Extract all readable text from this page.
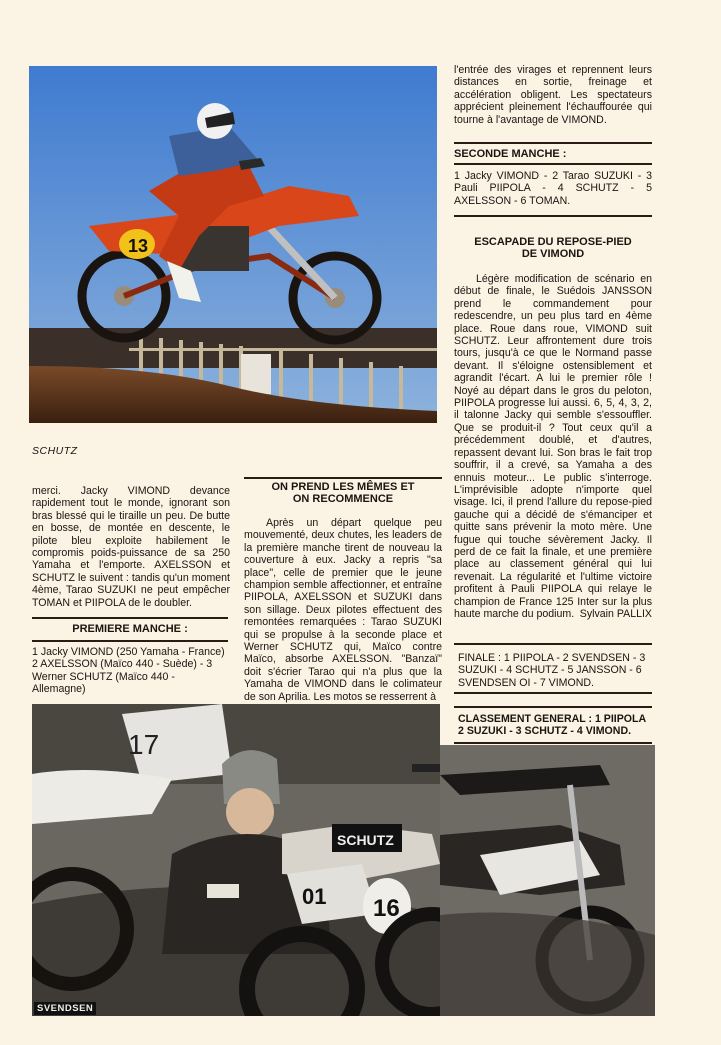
13
SCHUTZ
merci. Jacky VIMOND devance rapidement tout le monde, ignorant son bras blessé qui le tiraille un peu. De butte en bosse, de montée en descente, le pilote bleu exploite habilement le compromis poids-puissance de sa 250 Yamaha et l'emporte. AXELSSON et SCHUTZ le suivent : tandis qu'un moment 4ème, Tarao SUZUKI ne peut empêcher TOMAN et PIIPOLA de le doubler.
PREMIERE MANCHE :
1 Jacky VIMOND (250 Yamaha - France) 2 AXELSSON (Maïco 440 - Suède) - 3 Werner SCHUTZ (Maïco 440 - Allemagne)
ON PREND LES MÊMES ET
ON RECOMMENCE
Après un départ quelque peu mouvementé, deux chutes, les leaders de la première manche tirent de nouveau la couverture à eux. Jacky a repris "sa place", celle de premier que le jeune champion semble affectionner, et entraîne PIIPOLA, AXELSSON et SUZUKI dans son sillage. Deux pilotes effectuent des remontées remarquées : Tarao SUZUKI qui se propulse à la seconde place et Werner SCHUTZ qui, Maïco contre Maïco, absorbe AXELSSON. "Banzaï" doit s'écrier Tarao qui n'a plus que la Yamaha de VIMOND dans le colimateur de son Aprilia. Les motos se resserrent à
l'entrée des virages et reprennent leurs distances en sortie, freinage et accélération obligent. Les spectateurs apprécient pleinement l'échauffourée qui tourne à l'avantage de VIMOND.
SECONDE MANCHE :
1 Jacky VIMOND - 2 Tarao SUZUKI - 3 Pauli PIIPOLA - 4 SCHUTZ - 5 AXELSSON - 6 TOMAN.
ESCAPADE DU REPOSE-PIED
DE VIMOND
Légère modification de scénario en début de finale, le Suédois JANSSON prend le commandement pour redescendre, un peu plus tard en 4ème place. Roue dans roue, VIMOND suit SCHUTZ. Leur affrontement dure trois tours, jusqu'à ce que le Normand passe devant. Il s'éloigne ostensiblement et agrandit l'écart. A lui le premier rôle ! Noyé au départ dans le gros du peloton, PIIPOLA progresse lui aussi. 6, 5, 4, 3, 2, il talonne Jacky qui semble s'essouffler. Que se produit-il ? Tout ceux qu'il a précédemment doublé, et d'autres, repassent devant lui. Son bras le fait trop souffrir, il a crevé, sa Yamaha a des ennuis moteur... Le public s'interroge. L'imprévisible adopte n'importe quel visage. Ici, il prend l'allure du repose-pied gauche qui a décidé de s'émanciper et quitte sans prévenir la moto mère. Une fugue qui touche sévèrement Jacky. Il perd de ce fait la finale, et une première place au classement général qui lui revenait. La régularité et l'ultime victoire profitent à Pauli PIIPOLA qui relaye le champion de France 125 Inter sur la plus haute marche du podium. Sylvain PALLIX
FINALE : 1 PIIPOLA - 2 SVENDSEN - 3 SUZUKI - 4 SCHUTZ - 5 JANSSON - 6 SVENDSEN OI - 7 VIMOND.
CLASSEMENT GENERAL : 1 PIIPOLA 2 SUZUKI - 3 SCHUTZ - 4 VIMOND.
17
SCHUTZ
01 16
SVENDSEN
